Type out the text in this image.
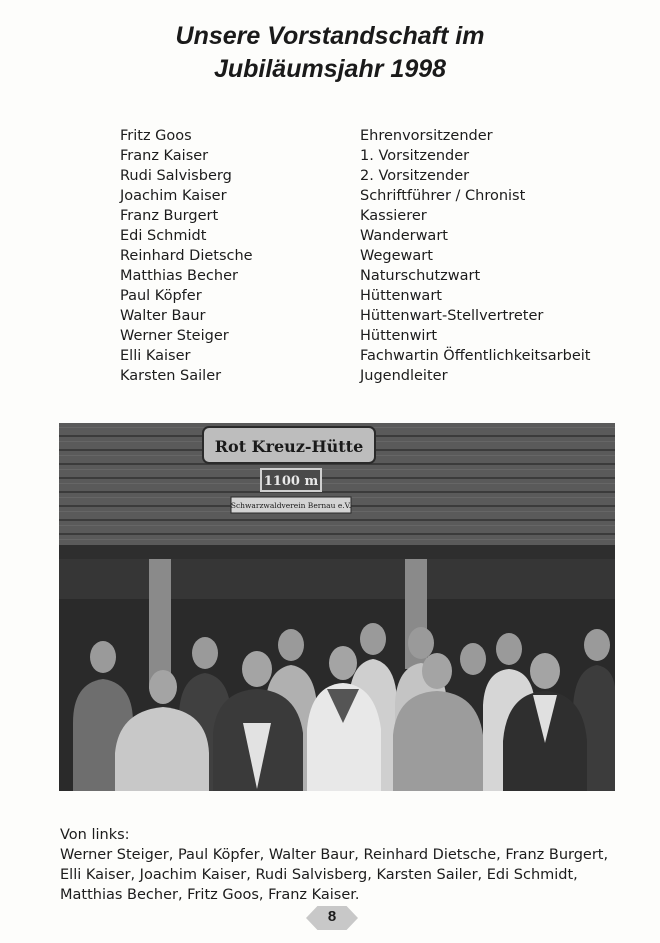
Unsere Vorstandschaft im
Jubiläumsjahr 1998
Fritz Goos	Ehrenvorsitzender
Franz Kaiser	1. Vorsitzender
Rudi Salvisberg	2. Vorsitzender
Joachim Kaiser	Schriftführer / Chronist
Franz Burgert	Kassierer
Edi Schmidt	Wanderwart
Reinhard Dietsche	Wegewart
Matthias Becher	Naturschutzwart
Paul Köpfer	Hüttenwart
Walter Baur	Hüttenwart-Stellvertreter
Werner Steiger	Hüttenwirt
Elli Kaiser	Fachwartin Öffentlichkeitsarbeit
Karsten Sailer	Jugendleiter
Rot Kreuz-Hütte
1100 m
Schwarzwaldverein Bernau e.V.
Von links:
Werner Steiger, Paul Köpfer, Walter Baur, Reinhard Dietsche, Franz Burgert,
Elli Kaiser, Joachim Kaiser, Rudi Salvisberg, Karsten Sailer, Edi Schmidt,
Matthias Becher, Fritz Goos, Franz Kaiser.
8
